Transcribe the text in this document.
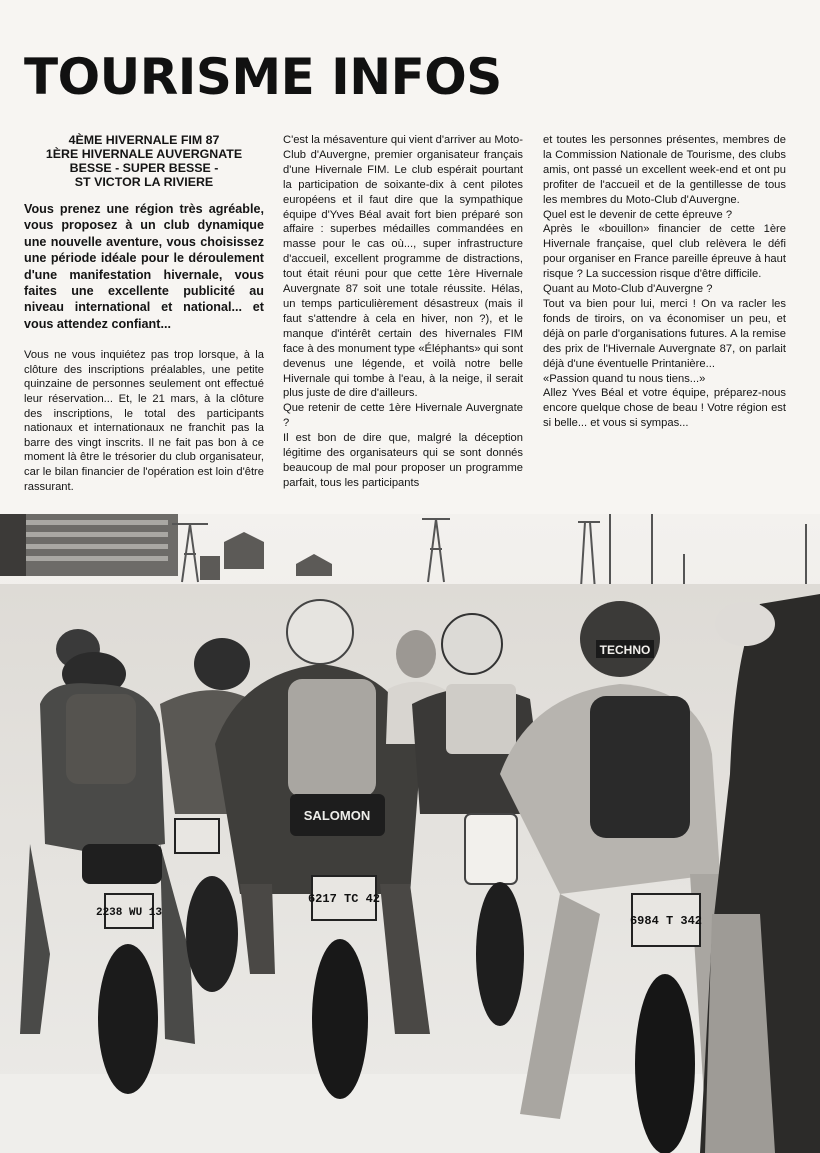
TOURISME INFOS
4ÈME HIVERNALE FIM 87
1ÈRE HIVERNALE AUVERGNATE
BESSE - SUPER BESSE -
ST VICTOR LA RIVIERE

Vous prenez une région très agréable, vous proposez à un club dynamique une nouvelle aventure, vous choisissez une période idéale pour le déroulement d'une manifestation hivernale, vous faites une excellente publicité au niveau international et national... et vous attendez confiant...

Vous ne vous inquiétez pas trop lorsque, à la clôture des inscriptions préalables, une petite quinzaine de personnes seulement ont effectué leur réservation... Et, le 21 mars, à la clôture des inscriptions, le total des participants nationaux et internationaux ne franchit pas la barre des vingt inscrits. Il ne fait pas bon à ce moment là être le trésorier du club organisateur, car le bilan financier de l'opération est loin d'être rassurant.

C'est la mésaventure qui vient d'arriver au Moto-Club d'Auvergne, premier organisateur français d'une Hivernale FIM. Le club espérait pourtant la participation de soixante-dix à cent pilotes européens et il faut dire que la sympathique équipe d'Yves Béal avait fort bien préparé son affaire : superbes médailles commandées en masse pour le cas où..., super infrastructure d'accueil, excellent programme de distractions, tout était réuni pour que cette 1ère Hivernale Auvergnate 87 soit une totale réussite. Hélas, un temps particulièrement désastreux (mais il faut s'attendre à cela en hiver, non ?), et le manque d'intérêt certain des hivernales FIM face à des monument type «Éléphants» qui sont devenus une légende, et voilà notre belle Hivernale qui tombe à l'eau, à la neige, il serait plus juste de dire d'ailleurs.

Que retenir de cette 1ère Hivernale Auvergnate ?

Il est bon de dire que, malgré la déception légitime des organisateurs qui se sont donnés beaucoup de mal pour proposer un programme parfait, tous les participants

et toutes les personnes présentes, membres de la Commission Nationale de Tourisme, des clubs amis, ont passé un excellent week-end et ont pu profiter de l'accueil et de la gentillesse de tous les membres du Moto-Club d'Auvergne.

Quel est le devenir de cette épreuve ?

Après le «bouillon» financier de cette 1ère Hivernale française, quel club relèvera le défi pour organiser en France pareille épreuve à haut risque ? La succession risque d'être difficile.

Quant au Moto-Club d'Auvergne ?

Tout va bien pour lui, merci ! On va racler les fonds de tiroirs, on va économiser un peu, et déjà on parle d'organisations futures. A la remise des prix de l'Hivernale Auvergnate 87, on parlait déjà d'une éventuelle Printanière...

«Passion quand tu nous tiens...»

Allez Yves Béal et votre équipe, préparez-nous encore quelque chose de beau ! Votre région est si belle... et vous si sympas...

2238 WU 13
6217 TC 42
6984 T 342
TECHNO
SALOMON
